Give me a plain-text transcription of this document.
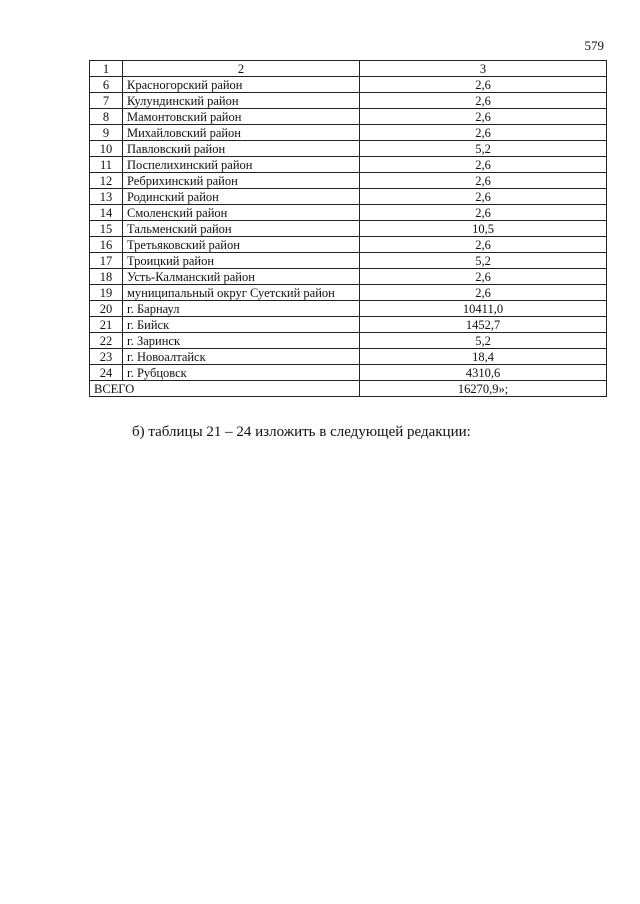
579
1	2	3
6	Красногорский район	2,6
7	Кулундинский район	2,6
8	Мамонтовский район	2,6
9	Михайловский район	2,6
10	Павловский район	5,2
11	Поспелихинский район	2,6
12	Ребрихинский район	2,6
13	Родинский район	2,6
14	Смоленский район	2,6
15	Тальменский район	10,5
16	Третьяковский район	2,6
17	Троицкий район	5,2
18	Усть-Калманский район	2,6
19	муниципальный округ Суетский район	2,6
20	г. Барнаул	10411,0
21	г. Бийск	1452,7
22	г. Заринск	5,2
23	г. Новоалтайск	18,4
24	г. Рубцовск	4310,6
ВСЕГО		16270,9»;
б) таблицы 21 – 24 изложить в следующей редакции:
